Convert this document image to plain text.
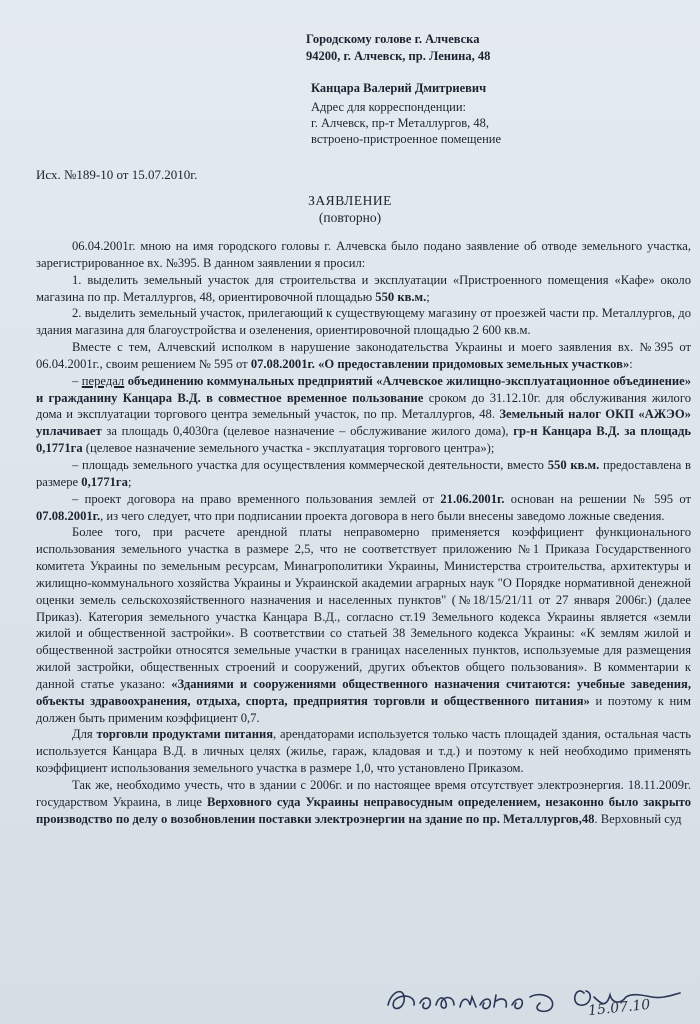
Городскому голове г. Алчевска
94200, г. Алчевск, пр. Ленина, 48
Канцара Валерий Дмитриевич
Адрес для корреспонденции:
г. Алчевск, пр-т Металлургов, 48,
встроено-пристроенное помещение
Исх. №189-10 от 15.07.2010г.
ЗАЯВЛЕНИЕ
(повторно)

06.04.2001г. мною на имя городского головы г. Алчевска было подано заявление об отводе земельного участка, зарегистрированное вх. №395. В данном заявлении я просил:

1. выделить земельный участок для строительства и эксплуатации «Пристроенного помещения «Кафе» около магазина по пр. Металлургов, 48, ориентировочной площадью 550 кв.м.;

2. выделить земельный участок, прилегающий к существующему магазину от проезжей части пр. Металлургов, до здания магазина для благоустройства и озеленения, ориентировочной площадью 2 600 кв.м.

Вместе с тем, Алчевский исполком в нарушение законодательства Украины и моего заявления вх. №395 от 06.04.2001г., своим решением № 595 от 07.08.2001г. «О предоставлении придомовых земельных участков»:

– передал объединению коммунальных предприятий «Алчевское жилищно-эксплуатационное объединение» и гражданину Канцара В.Д. в совместное временное пользование сроком до 31.12.10г. для обслуживания жилого дома и эксплуатации торгового центра земельный участок, по пр. Металлургов, 48. Земельный налог ОКП «АЖЭО» уплачивает за площадь 0,4030га (целевое назначение – обслуживание жилого дома), гр-н Канцара В.Д. за площадь 0,1771га (целевое назначение земельного участка - эксплуатация торгового центра»);

– площадь земельного участка для осуществления коммерческой деятельности, вместо 550 кв.м. предоставлена в размере 0,1771га;

– проект договора на право временного пользования землей от 21.06.2001г. основан на решении № 595 от 07.08.2001г., из чего следует, что при подписании проекта договора в него были внесены заведомо ложные сведения.

Более того, при расчете арендной платы неправомерно применяется коэффициент функционального использования земельного участка в размере 2,5, что не соответствует приложению №1 Приказа Государственного комитета Украины по земельным ресурсам, Минагрополитики Украины, Министерства строительства, архитектуры и жилищно-коммунального хозяйства Украины и Украинской академии аграрных наук "О Порядке нормативной денежной оценки земель сельскохозяйственного назначения и населенных пунктов" (№18/15/21/11 от 27 января 2006г.) (далее Приказ). Категория земельного участка Канцара В.Д., согласно ст.19 Земельного кодекса Украины является «земли жилой и общественной застройки». В соответствии со статьей 38 Земельного кодекса Украины: «К землям жилой и общественной застройки относятся земельные участки в границах населенных пунктов, используемые для размещения жилой застройки, общественных строений и сооружений, других объектов общего пользования». В комментарии к данной статье указано: «Зданиями и сооружениями общественного назначения считаются: учебные заведения, объекты здравоохранения, отдыха, спорта, предприятия торговли и общественного питания» и поэтому к ним должен быть применим коэффициент 0,7.

Для торговли продуктами питания, арендаторами используется только часть площадей здания, остальная часть используется Канцара В.Д. в личных целях (жилье, гараж, кладовая и т.д.) и поэтому к ней необходимо применять коэффициент использования земельного участка в размере 1,0, что установлено Приказом.

Так же, необходимо учесть, что в здании с 2006г. и по настоящее время отсутствует электроэнергия. 18.11.2009г. государством Украина, в лице Верховного суда Украины неправосудным определением, незаконно было закрыто производство по делу о возобновлении поставки электроэнергии на здание по пр. Металлургов,48. Верховный суд

15.07.10
